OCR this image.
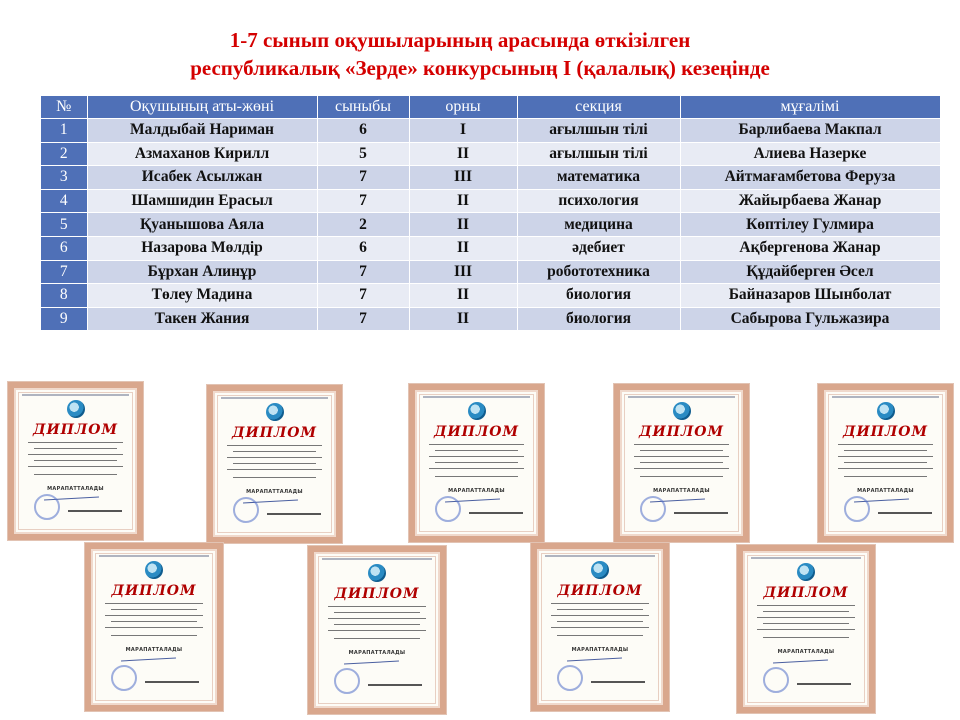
1-7 сынып оқушыларының арасында өткізілген
республикалық «Зерде» конкурсының І (қалалық) кезеңінде
№	Оқушының аты-жөні	сыныбы	орны	секция	мұғалімі
1	Малдыбай Нариман	6	І	ағылшын тілі	Барлибаева Макпал
2	Азмаханов Кирилл	5	ІІ	ағылшын тілі	Алиева Назерке
3	Исабек Асылжан	7	ІІІ	математика	Айтмағамбетова Феруза
4	Шамшидин Ерасыл	7	ІІ	психология	Жайырбаева Жанар
5	Қуанышова Аяла	2	ІІ	медицина	Көптілеу Гулмира
6	Назарова Мөлдір	6	ІІ	әдебиет	Ақбергенова Жанар
7	Бұрхан Алинұр	7	ІІІ	робототехника	Құдайберген Әсел
8	Төлеу Мадина	7	ІІ	биология	Байназаров Шынболат
9	Такен Жания	7	ІІ	биология	Сабырова Гульжазира
ДИПЛОМ
МАРАПАТТАЛАДЫ
ДИПЛОМ
МАРАПАТТАЛАДЫ
ДИПЛОМ
МАРАПАТТАЛАДЫ
ДИПЛОМ
МАРАПАТТАЛАДЫ
ДИПЛОМ
МАРАПАТТАЛАДЫ
ДИПЛОМ
МАРАПАТТАЛАДЫ
ДИПЛОМ
МАРАПАТТАЛАДЫ
ДИПЛОМ
МАРАПАТТАЛАДЫ
ДИПЛОМ
МАРАПАТТАЛАДЫ
